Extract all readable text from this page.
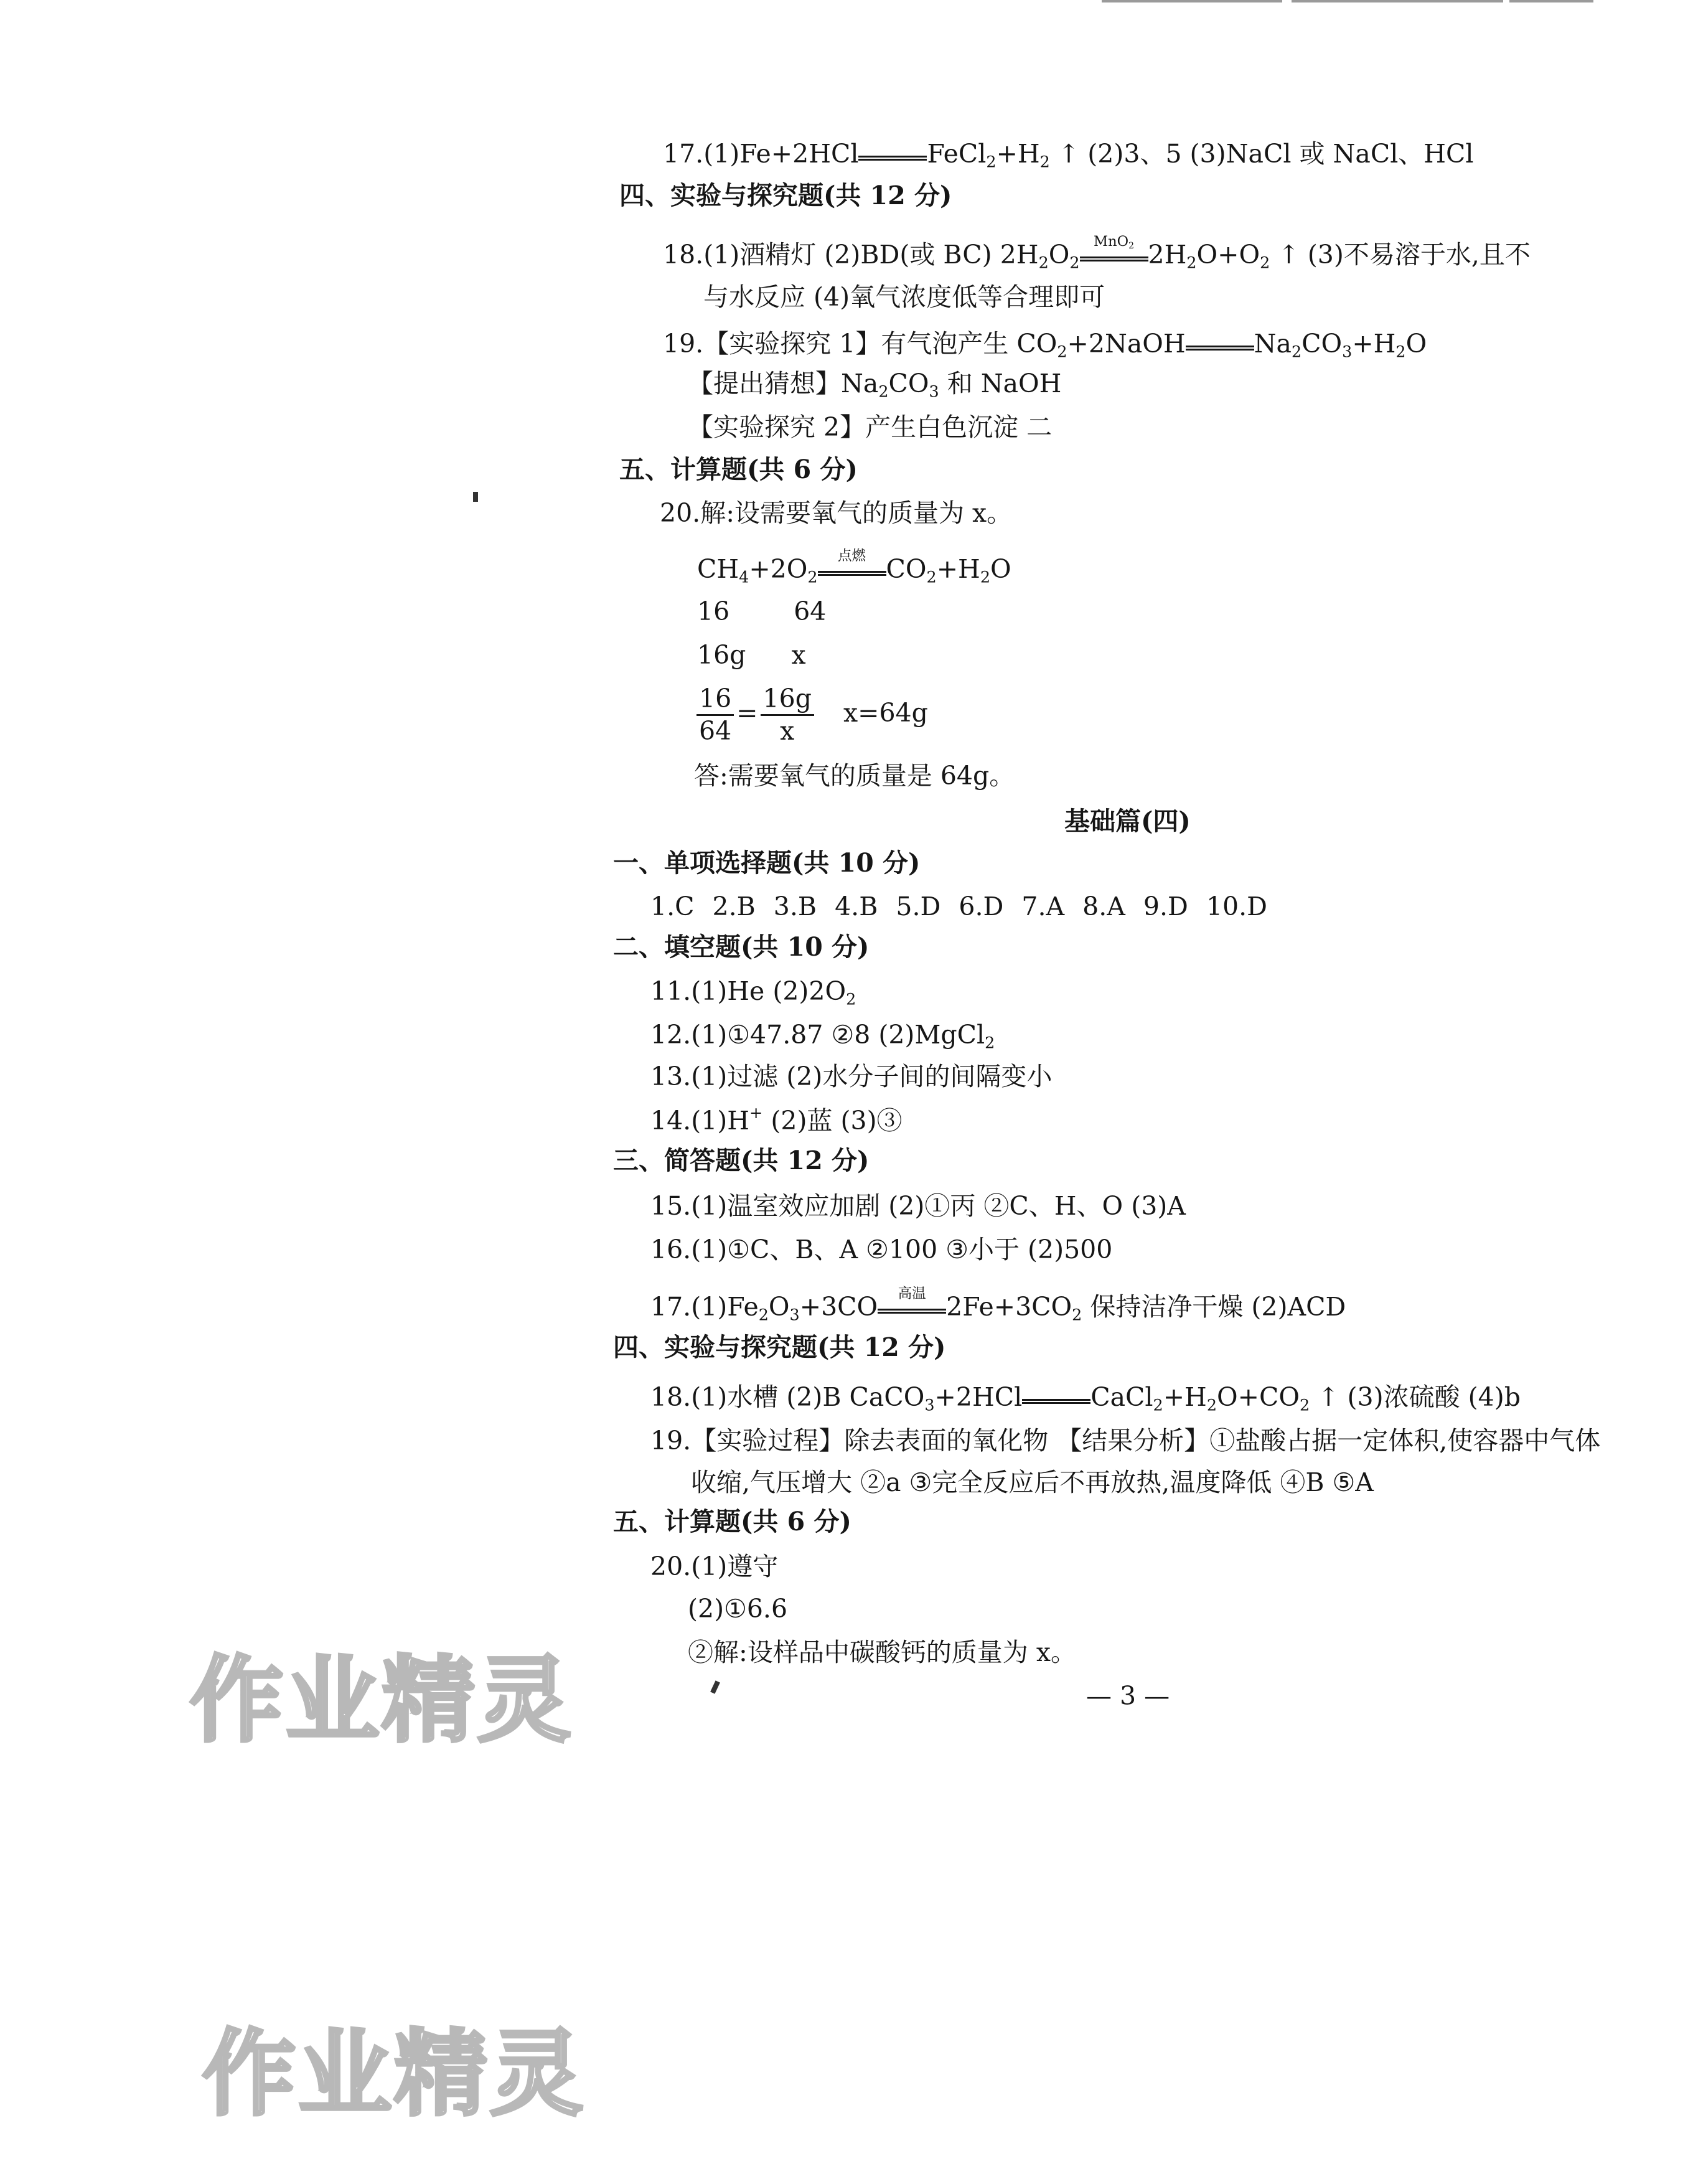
17.(1)Fe+2HCl	$FeCl_2+H_2$ ↑ (2)3、5 (3)NaCl 或 NaCl、HCl
四、实验与探究题(共 12 分)
18.(1)酒精灯 (2)BD(或 BC) $2H_2O_2$
MnO$_2$ $2H_2O+O_2$ ↑ (3)不易溶于水,且不
与水反应 (4)氧气浓度低等合理即可
19.【实验探究 1】有气泡产生 $CO_2+2NaOH$	$Na_2CO_3+H_2O$
【提出猜想】$Na_2CO_3$ 和 NaOH
【实验探究 2】产生白色沉淀 二
五、计算题(共 6 分)
20.解:设需要氧气的质量为 x。
$CH_4+2O_2$
点燃 $CO_2+H_2O$
16 64
16g x
$\frac{16}{64} = \frac{16g}{x} x=64g$
答:需要氧气的质量是 64g。
基础篇(四)
一、单项选择题(共 10 分)
1.C 2.B 3.B 4.B 5.D 6.D 7.A 8.A 9.D 10.D
二、填空题(共 10 分)
11.(1)He $(2)2O_2$
12.(1)①47.87 ②8 (2)MgCl$_2$
13.(1)过滤 (2)水分子间的间隔变小
14.(1)H+ (2)蓝 (3)③
三、简答题(共 12 分)
15.(1)温室效应加剧 (2)①丙 ②C、H、O (3)A
16.(1)①C、B、A ②100 ③小于 (2)500
$17.(1)Fe_2O_3+3CO$	高温 $2Fe+3CO_2$ 保持洁净干燥 (2)ACD
四、实验与探究题(共 12 分)
18.(1)水槽 (2)B CaCO$_3$+2HCl	$CaCl_2+H_2O+CO_2$ ↑ (3)浓硫酸 (4)b
19.【实验过程】除去表面的氧化物 【结果分析】①盐酸占据一定体积,使容器中气体
收缩,气压增大 ②a ③完全反应后不再放热,温度降低 ④B ⑤A
五、计算题(共 6 分)
20.(1)遵守
(2)①6.6
②解:设样品中碳酸钙的质量为 x。
— 3 —
作业精灵
作业精灵
